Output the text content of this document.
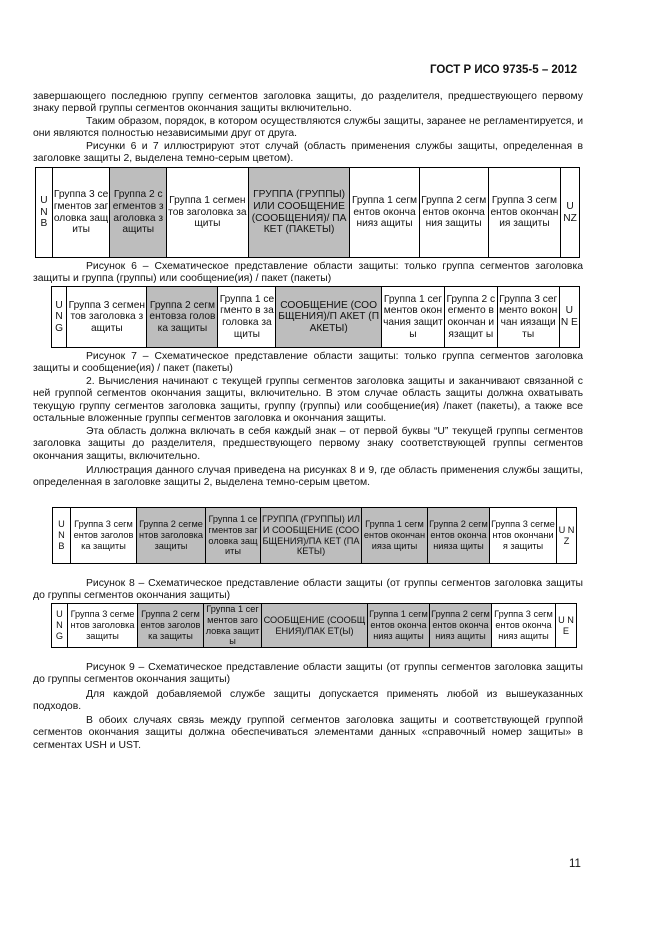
ГОСТ Р ИСО 9735-5 – 2012

завершающего последнюю группу сегментов заголовка защиты, до разделителя, предшествующего первому знаку первой группы сегментов окончания защиты включительно.

Таким образом, порядок, в котором осуществляются службы защиты, заранее не регламентируется, и они являются полностью независимыми друг от друга.

Рисунки 6 и 7 иллюстрируют этот случай (область применения службы защиты, определенная в заголовке защиты 2, выделена темно-серым цветом).

U N B	Группа 3 сегментов заголовка защиты	Группа 2 сегментов заголовка защиты	Группа 1 сегментов заголовка защиты	ГРУППА (ГРУППЫ) ИЛИ СООБЩЕНИЕ (СООБЩЕНИЯ)/ ПАКЕТ (ПАКЕТЫ)	Группа 1 сегментов окончанияз ащиты	Группа 2 сегментов окончания защиты	Группа 3 сегментов окончания защиты	U NZ

Рисунок 6 – Схематическое представление области защиты: только группа сегментов заголовка защиты и группа (группы) или сообщение(ия) / пакет (пакеты)

U N G	Группа 3 сегментов заголовка защиты	Группа 2 сегментовза головка защиты	Группа 1 сегменто в заголовка защиты	СООБЩЕНИЕ (СООБЩЕНИЯ)/П АКЕТ (ПАКЕТЫ)	Группа 1 сегментов окончания защиты	Группа 2 сегменто вокончан иязащит ы	Группа 3 сегменто вокончан иязащиты	U N E

Рисунок 7 – Схематическое представление области защиты: только группа сегментов заголовка защиты и сообщение(ия) / пакет (пакеты)

2. Вычисления начинают с текущей группы сегментов заголовка защиты и заканчивают связанной с ней группой сегментов окончания защиты, включительно. В этом случае область защиты должна охватывать текущую группу сегментов заголовка защиты, группу (группы) или сообщение(ия) /пакет (пакеты), а также все остальные вложенные группы сегментов заголовка и окончания защиты.

Эта область должна включать в себя каждый знак – от первой буквы “U” текущей группы сегментов заголовка защиты до разделителя, предшествующего первому знаку соответствующей группы сегментов окончания защиты, включительно.

Иллюстрация данного случая приведена на рисунках 8 и 9, где область применения службы защиты, определенная в заголовке защиты 2, выделена темно-серым цветом.

U N B	Группа 3 сегментов заголовка защиты	Группа 2 сегментов заголовка защиты	Группа 1 сегментов заголовка защиты	ГРУППА (ГРУППЫ) ИЛИ СООБЩЕНИЕ (СООБЩЕНИЯ)/ПА КЕТ (ПАКЕТЫ)	Группа 1 сегментов окончанияза щиты	Группа 2 сегментов окончанияза щиты	Группа 3 сегментов окончания защиты	U N Z

Рисунок 8 – Схематическое представление области защиты (от группы сегментов заголовка защиты до группы сегментов окончания защиты)

U N G	Группа 3 сегментов заголовка защиты	Группа 2 сегментов заголовка защиты	Группа 1 сегментов заголовка защиты	СООБЩЕНИЕ (СООБЩЕНИЯ)/ПАК ЕТ(Ы)	Группа 1 сегментов окончанияз ащиты	Группа 2 сегментов окончанияз ащиты	Группа 3 сегментов окончанияз ащиты	U N E

Рисунок 9 – Схематическое представление области защиты (от группы сегментов заголовка защиты до группы сегментов окончания защиты)

Для каждой добавляемой службе защиты допускается применять любой из вышеуказанных подходов.

В обоих случаях связь между группой сегментов заголовка защиты и соответствующей группой сегментов окончания защиты должна обеспечиваться элементами данных «справочный номер защиты» в сегментах USH и UST.

11
